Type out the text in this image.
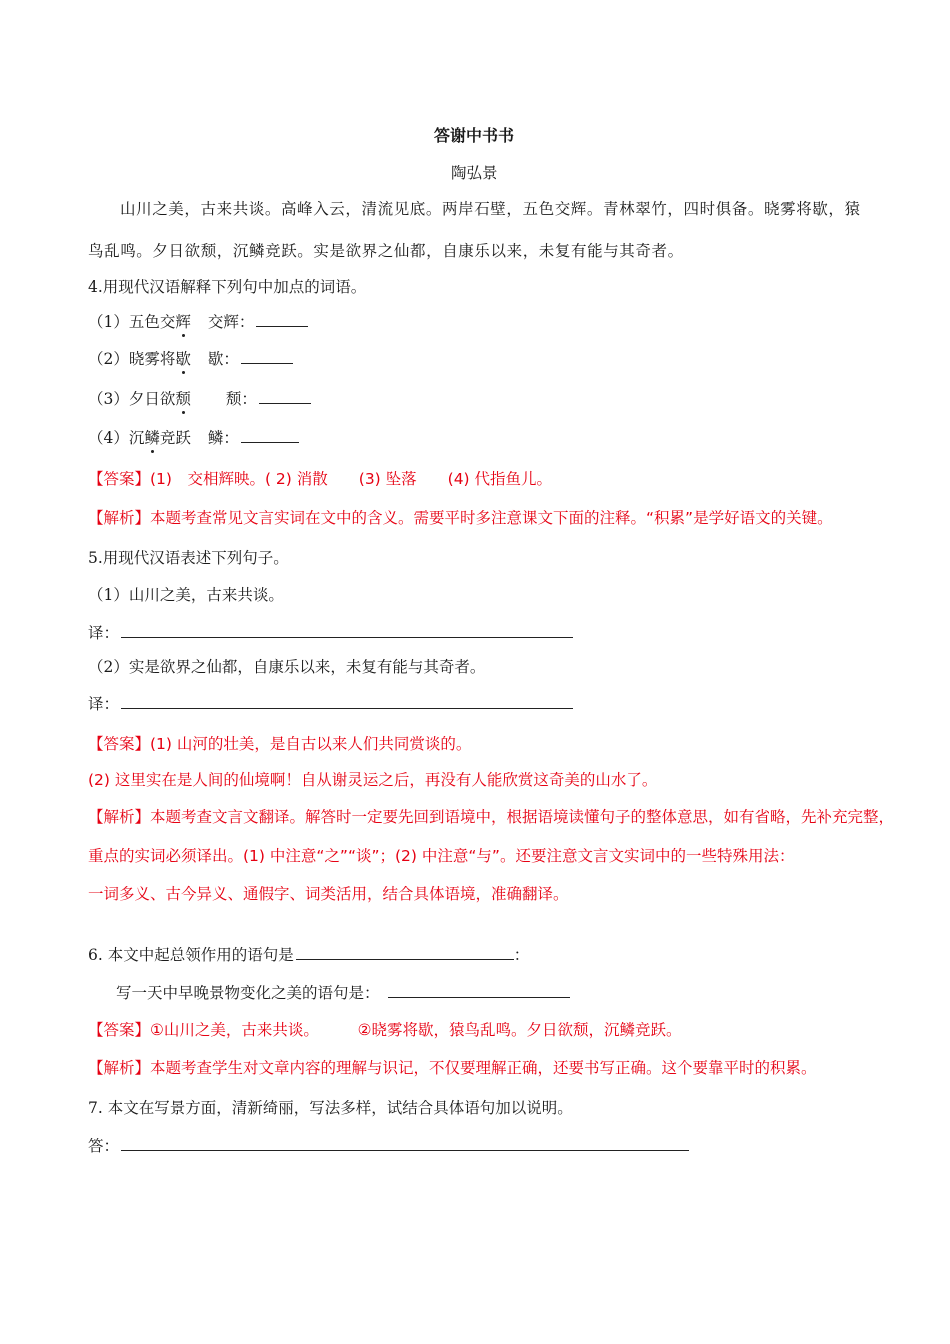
答谢中书书
陶弘景
山川之美，古来共谈。高峰入云，清流见底。两岸石壁，五色交辉。青林翠竹，四时俱备。晓雾将歇，猿
鸟乱鸣。夕日欲颓，沉鳞竞跃。实是欲界之仙都，自康乐以来，未复有能与其奇者。
4.用现代汉语解释下列句中加点的词语。
（1）五色交辉 交辉：
（2）晓雾将歇 歇：
（3）夕日欲颓 颓：
（4）沉鳞竞跃 鳞：
【答案】(1)　交相辉映。( 2) 消散　　(3) 坠落　　(4) 代指鱼儿。
【解析】本题考查常见文言实词在文中的含义。需要平时多注意课文下面的注释。“积累”是学好语文的关键。
5.用现代汉语表述下列句子。
（1）山川之美，古来共谈。
译：
（2）实是欲界之仙都，自康乐以来，未复有能与其奇者。
译：
【答案】(1) 山河的壮美，是自古以来人们共同赏谈的。
(2) 这里实在是人间的仙境啊！自从谢灵运之后，再没有人能欣赏这奇美的山水了。
【解析】本题考查文言文翻译。解答时一定要先回到语境中，根据语境读懂句子的整体意思，如有省略，先补充完整，
重点的实词必须译出。(1) 中注意“之”“谈”；(2) 中注意“与”。还要注意文言文实词中的一些特殊用法：
一词多义、古今异义、通假字、词类活用，结合具体语境，准确翻译。
6. 本文中起总领作用的语句是	：
写一天中早晚景物变化之美的语句是：
【答案】①山川之美，古来共谈。　　　②晓雾将歇，猿鸟乱鸣。夕日欲颓，沉鳞竞跃。
【解析】本题考查学生对文章内容的理解与识记，不仅要理解正确，还要书写正确。这个要靠平时的积累。
7. 本文在写景方面，清新绮丽，写法多样，试结合具体语句加以说明。
答：
